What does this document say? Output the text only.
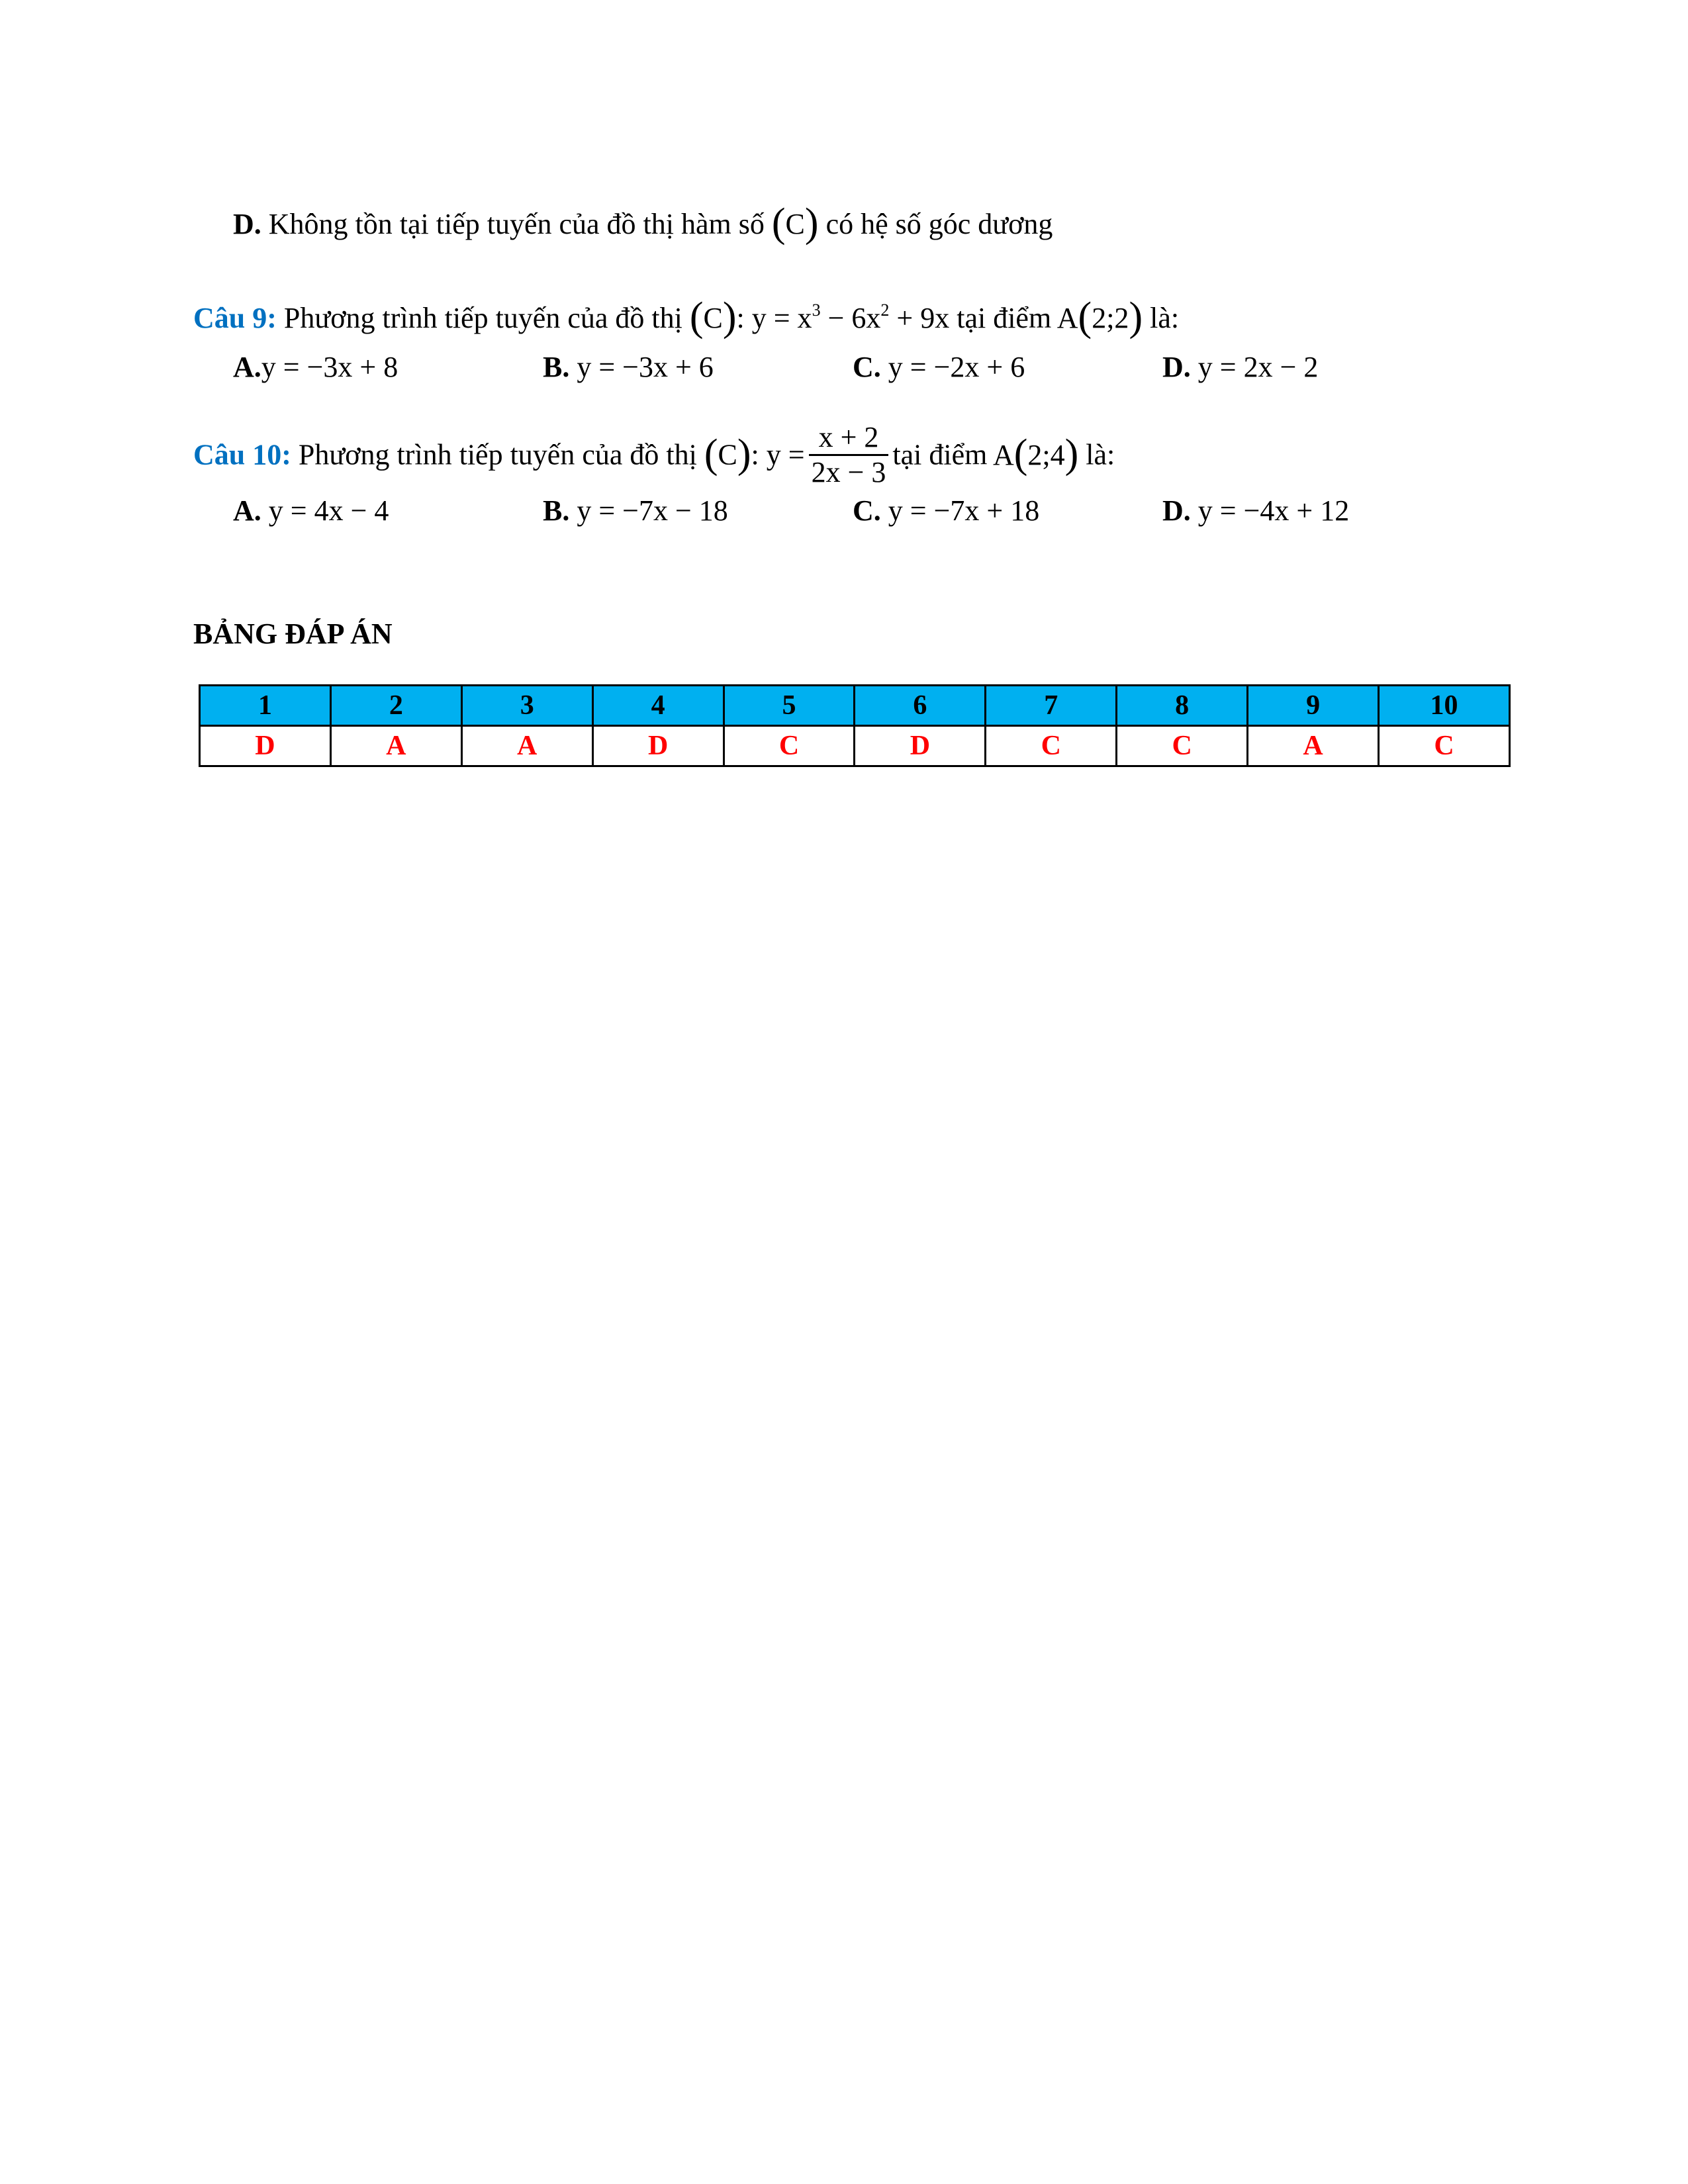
D. Không tồn tại tiếp tuyến của đồ thị hàm số (C) có hệ số góc dương
Câu 9: Phương trình tiếp tuyến của đồ thị (C): $y = x^3 - 6x^2 + 9x$ tại điểm A(2;2) là:
A.y = −3x + 8	B. y = −3x + 6	C. y = −2x + 6	D. y = 2x − 2
Câu 10: Phương trình tiếp tuyến của đồ thị (C): $y = \frac{x + 2}{2x - 3}$ tại điểm A(2;4) là:
A. y = 4x − 4	B. y = −7x − 18	C. y = −7x + 18	D. y = −4x + 12
BẢNG ĐÁP ÁN
1	2	3	4	5	6	7	8	9	10
D	A	A	D	C	D	C	C	A	C
